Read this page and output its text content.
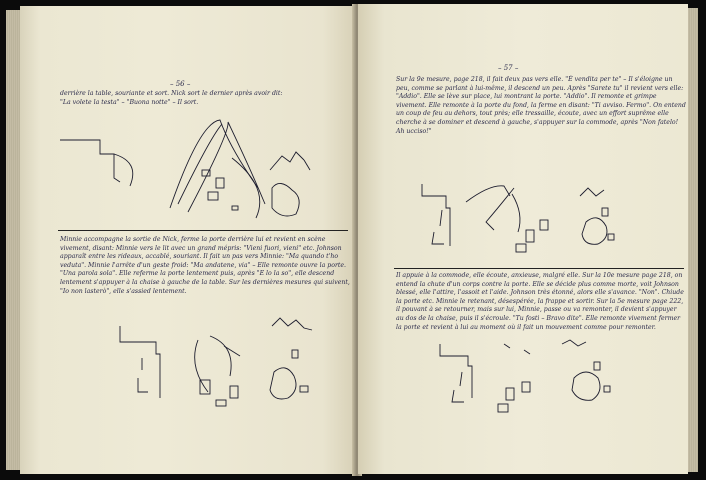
– 56 –
derrière la table, souriante et sort. Nick sort le dernier après avoir dit:
"La volete la testa" – "Buona notte" – Il sort.
Minnie accompagne la sortie de Nick, ferme la porte derrière lui et revient en scène vivement, disant: Minnie vers le lit avec un grand mépris: "Vieni fuori, vieni" etc. Johnson apparaît entre les rideaux, accablé, souriant. Il fait un pas vers Minnie: "Ma quando t'ho veduta". Minnie l'arrête d'un geste froid: "Ma andatene, via" – Elle remonte ouvre la porte. "Una parola sola". Elle referme la porte lentement puis, après "E lo la so", elle descend lentement s'appuyer à la chaise à gauche de la table. Sur les dernières mesures qui suivent, "Io non lasterò", elle s'assied lentement.
– 57 –
Sur la 9e mesure, page 218, il fait deux pas vers elle. "È vendita per te" – Il s'éloigne un peu, comme se parlant à lui-même, il descend un peu. Après "Sarete tu" il revient vers elle: "Addio". Elle se lève sur place, lui montrant la porte. "Addio". Il remonte et grimpe vivement. Elle remonte à la porte du fond, la ferme en disant: "Ti avviso. Fermo". On entend un coup de feu au dehors, tout près; elle tressaille, écoute, avec un effort suprême elle cherche à se dominer et descend à gauche, s'appuyer sur la commode, après "Non fatelo! Ah ucciso!"
Il appuie à la commode, elle écoute, anxieuse, malgré elle. Sur la 10e mesure page 218, on entend la chute d'un corps contre la porte. Elle se décide plus comme morte, voit Johnson blessé, elle l'attire, l'assoit et l'aide. Johnson très étonné, alors elle s'avance. "Non". Chiude la porte etc. Minnie le retenant, désespérée, la frappe et sortir. Sur la 5e mesure page 222, il pouvant à se retourner, mais sur lui, Minnie, passe ou va remonter, il devient s'appuyer au dos de la chaise, puis il s'écroule. "Tu fosti – Bravo dite". Elle remonte vivement fermer la porte et revient à lui au moment où il fait un mouvement comme pour remonter.
